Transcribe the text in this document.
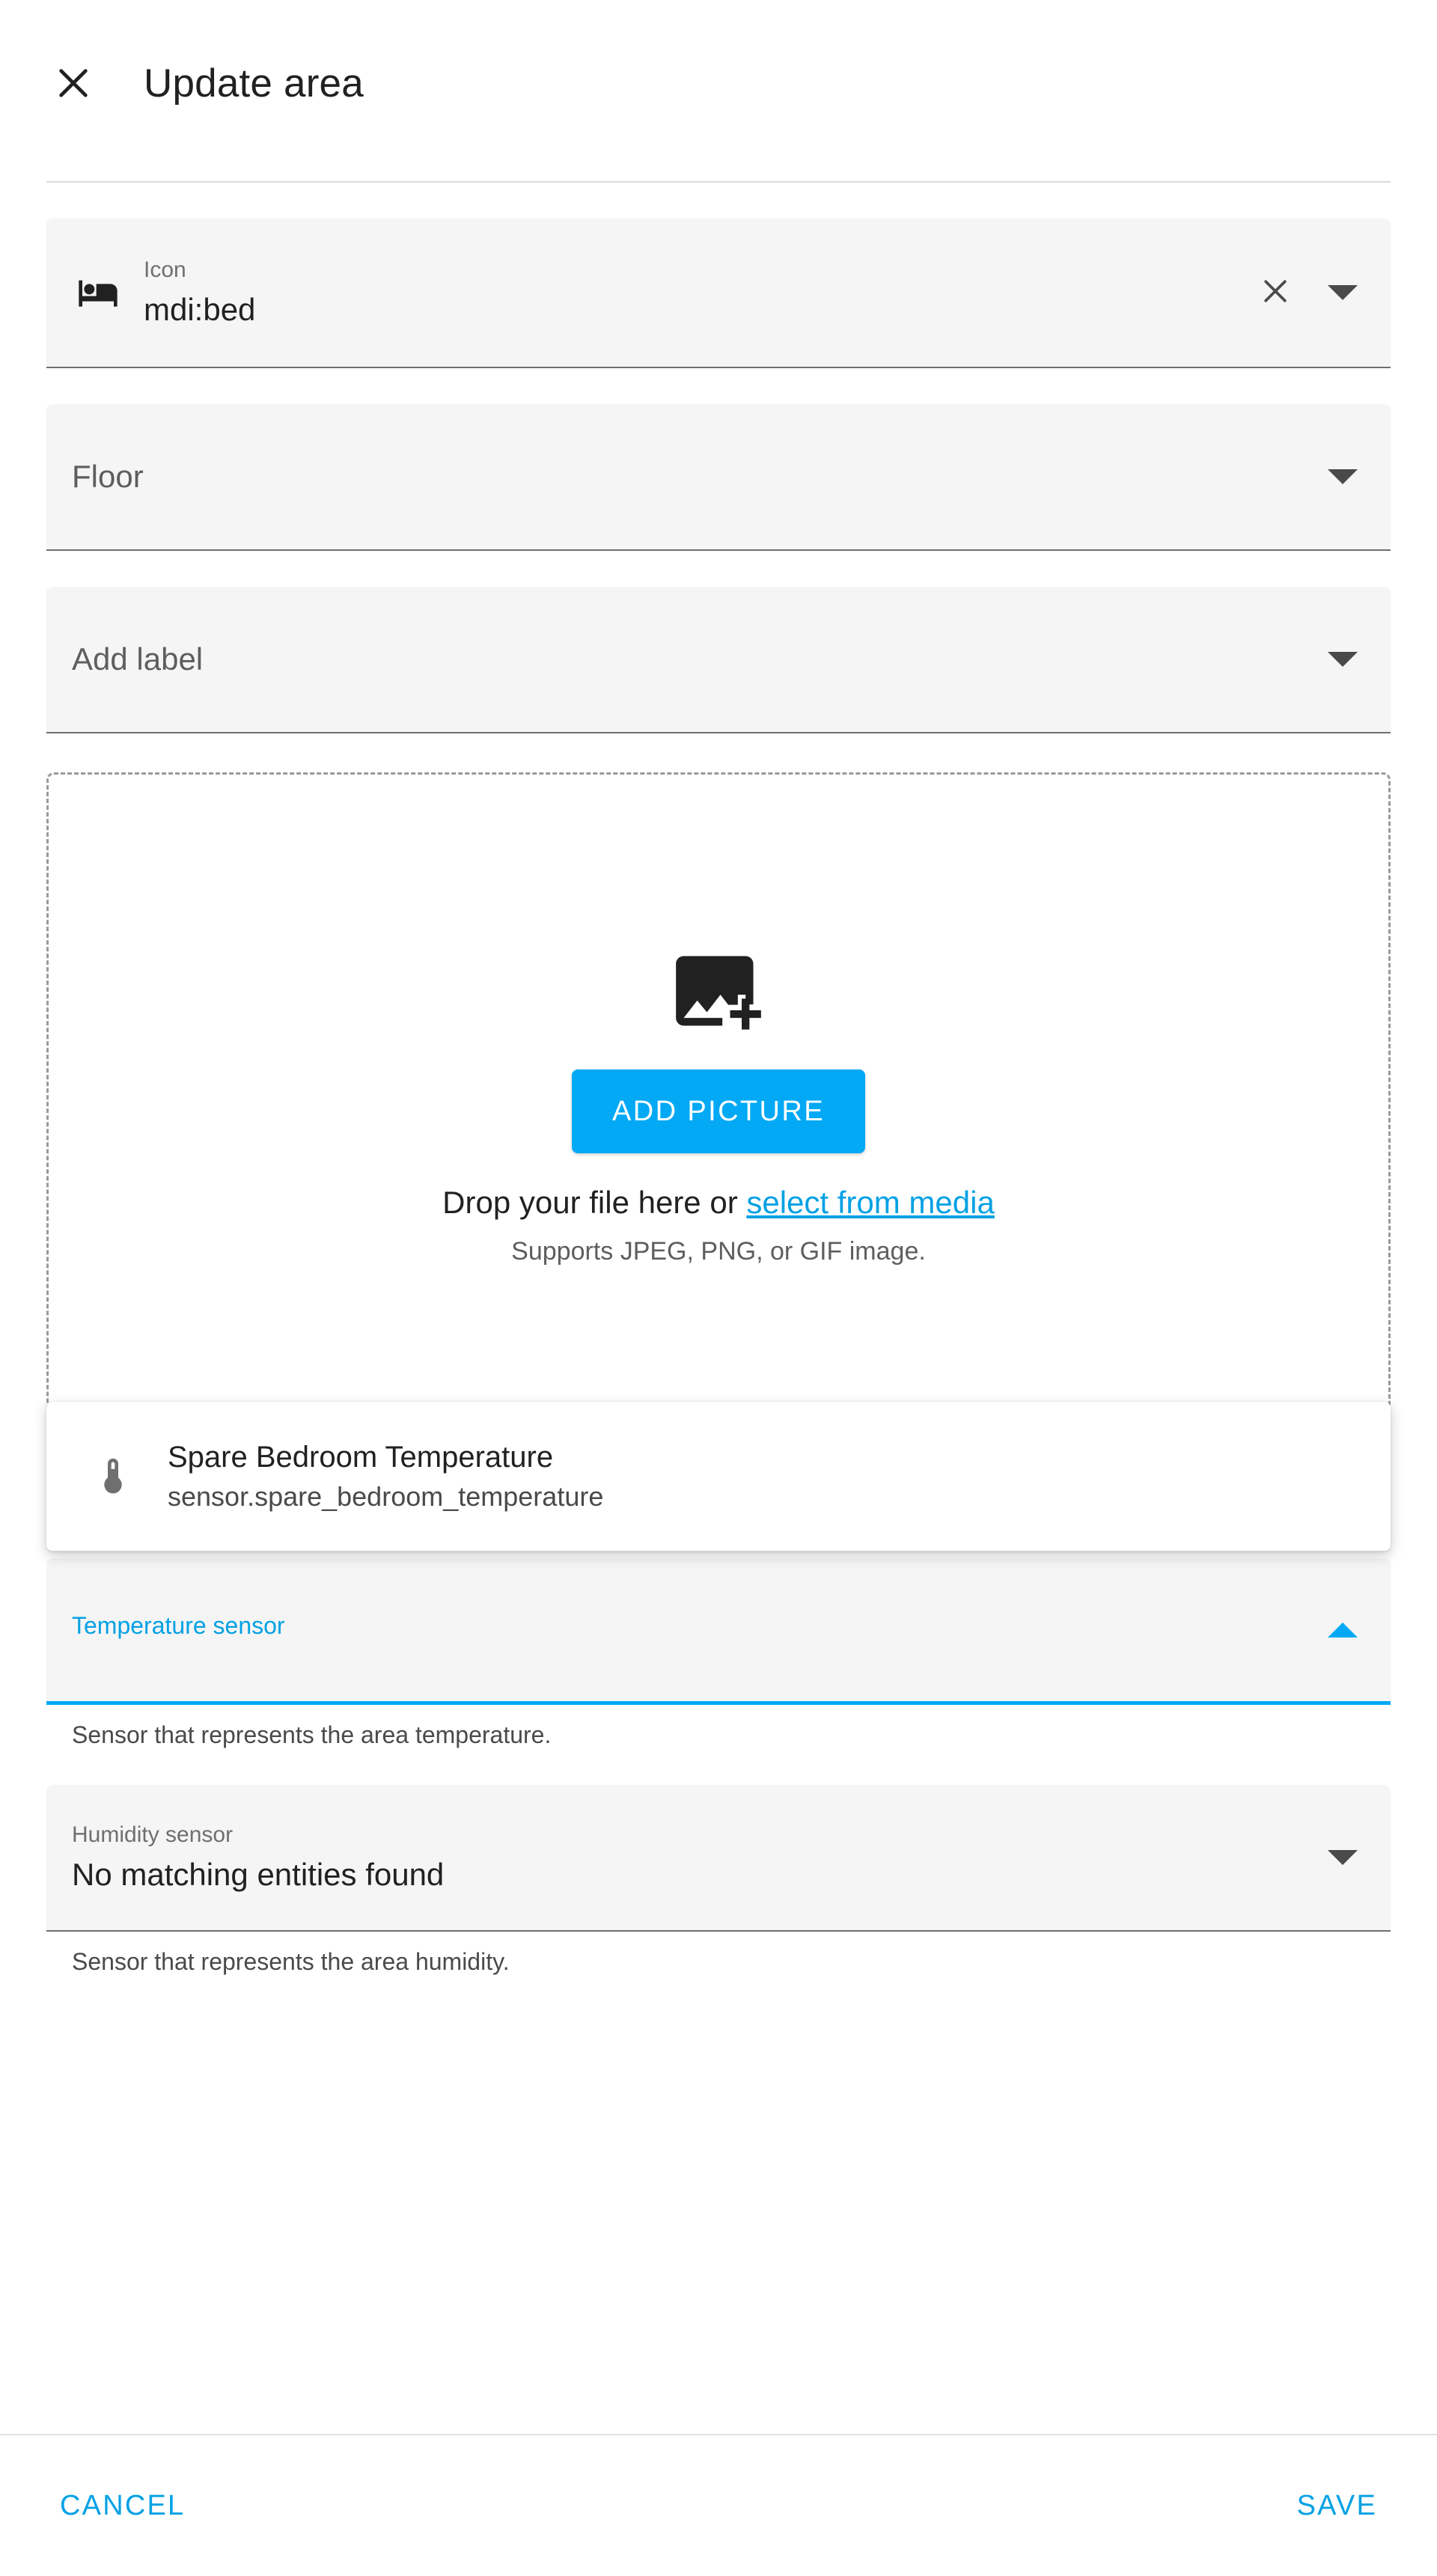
Update area
Icon
mdi:bed
Floor
Add label
ADD PICTURE
Drop your file here or select from media
Supports JPEG, PNG, or GIF image.
Spare Bedroom Temperature
sensor.spare_bedroom_temperature
Temperature sensor
Sensor that represents the area temperature.
Humidity sensor
No matching entities found
Sensor that represents the area humidity.
CANCEL	SAVE
